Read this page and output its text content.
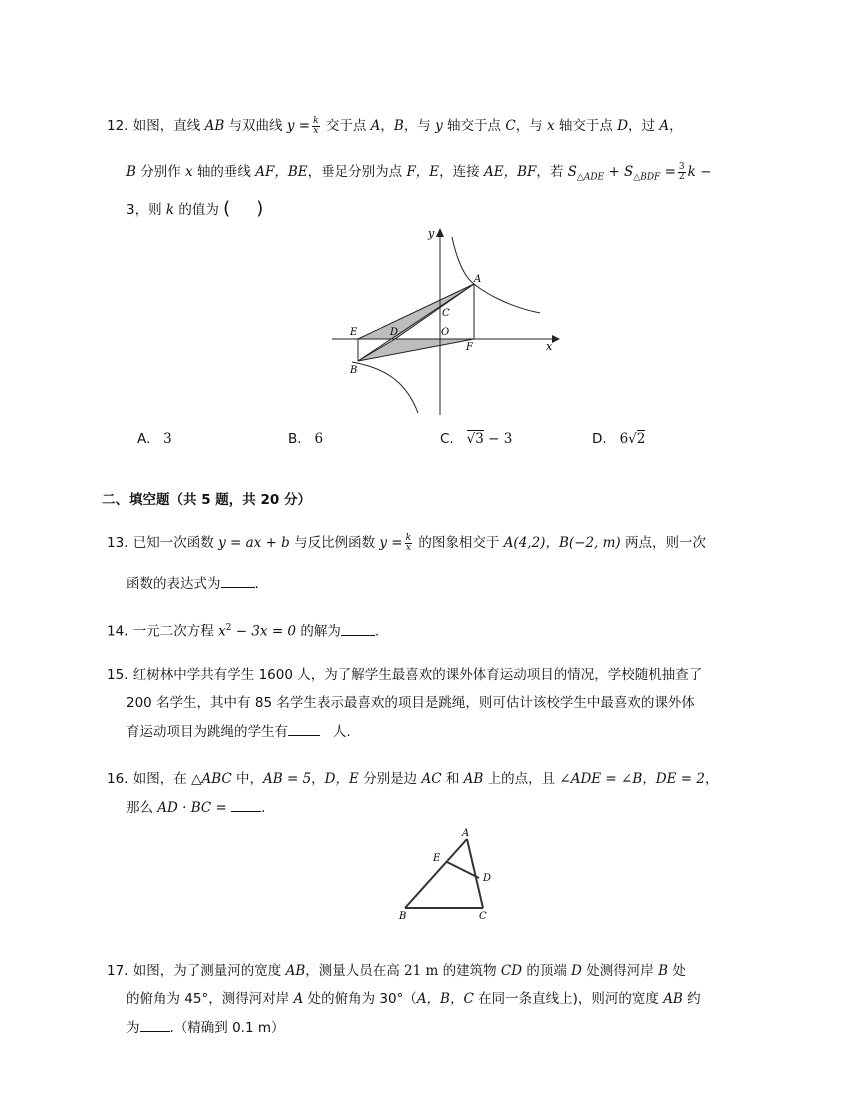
12. 如图，直线 AB 与双曲线 $y = \frac{k}{x}$ 交于点 A，B，与 y 轴交于点 C，与 x 轴交于点 D，过 A，
B 分别作 x 轴的垂线 AF，BE，垂足分别为点 F，E，连接 AE，BF，若 $S_{\triangle ADE} + S_{\triangle BDF} = \frac{3}{2}$ k −
3，则 k 的值为 ( )
y
x
A
B
C
D
E
F
O
A. 3	B. 6	C. √3 − 3	D. 6√2
二、填空题（共 5 题，共 20 分）
13. 已知一次函数 y = ax + b 与反比例函数 $y = \frac{k}{x}$ 的图象相交于 A(4,2)，B(−2, m) 两点，则一次
函数的表达式为	.
14. 一元二次方程 $x^2 - 3x = 0$ 的解为	.
15. 红树林中学共有学生 1600 人，为了解学生最喜欢的课外体育运动项目的情况，学校随机抽查了
200 名学生，其中有 85 名学生表示最喜欢的项目是跳绳，则可估计该校学生中最喜欢的课外体
育运动项目为跳绳的学生有	人.
16. 如图，在 △ABC 中，AB = 5，D，E 分别是边 AC 和 AB 上的点，且 ∠ADE = ∠B，DE = 2，
那么 AD · BC =	.
A
B	C
D
E
17. 如图，为了测量河的宽度 AB，测量人员在高 21 m 的建筑物 CD 的顶端 D 处测得河岸 B 处
的俯角为 45°，测得河对岸 A 处的俯角为 30°（A，B，C 在同一条直线上)，则河的宽度 AB 约
为 .（精确到 0.1 m）
